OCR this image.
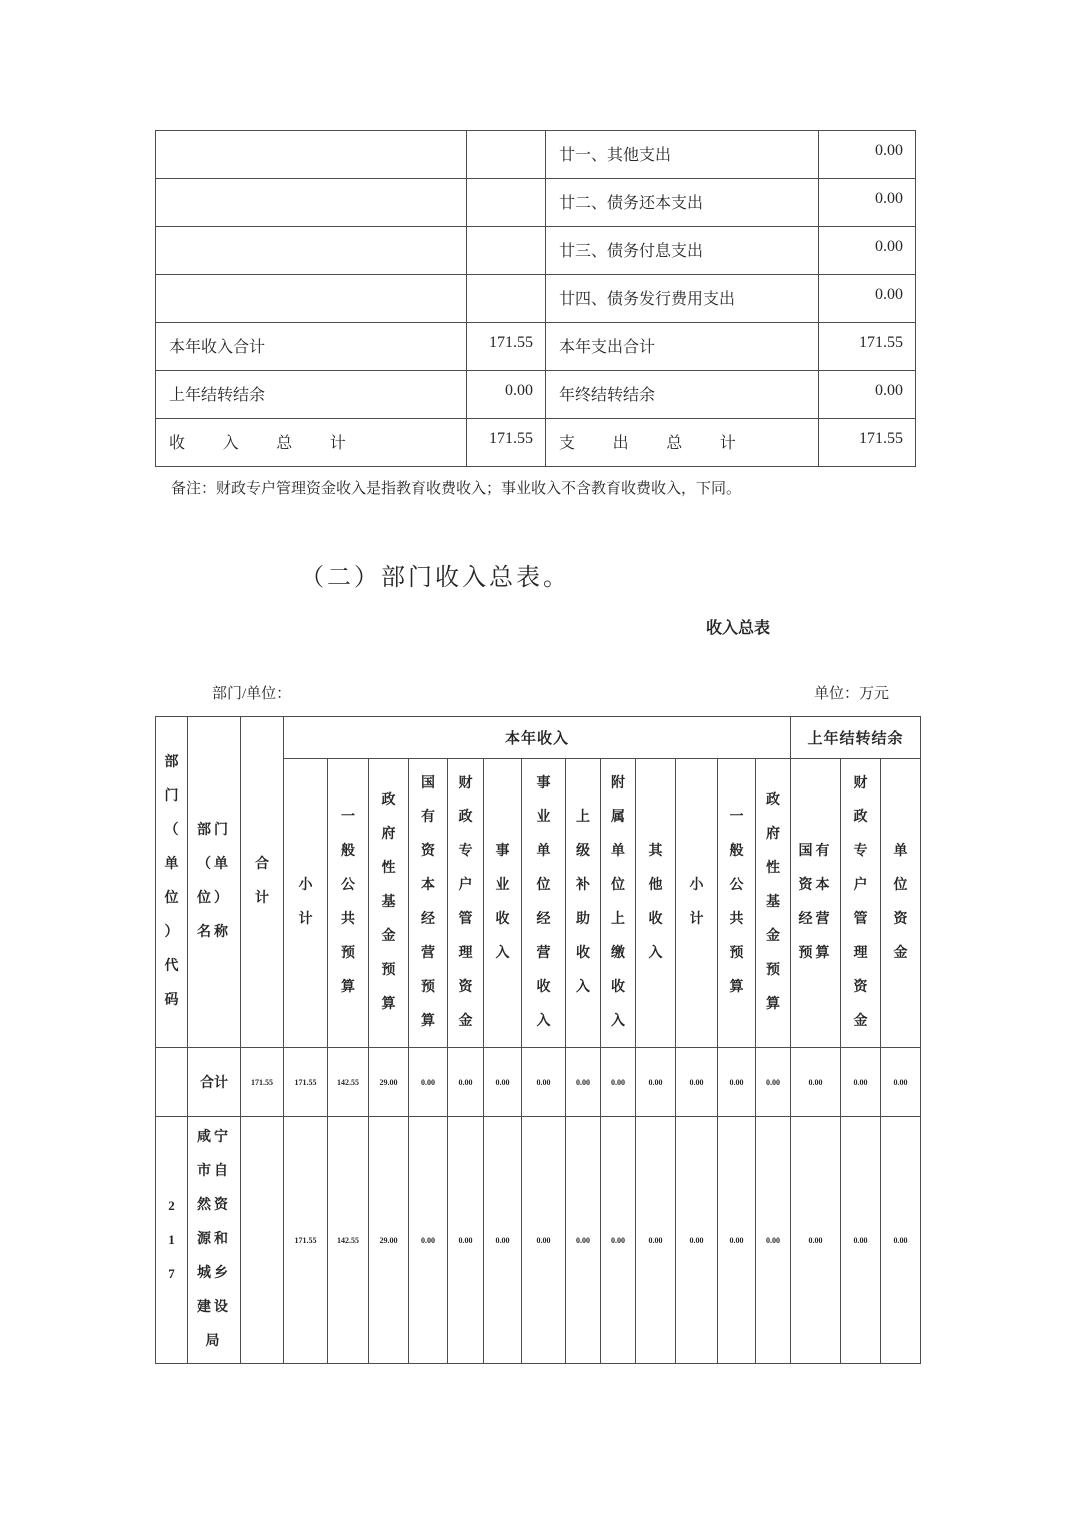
		廿一、其他支出	0.00
		廿二、债务还本支出	0.00
		廿三、债务付息支出	0.00
		廿四、债务发行费用支出	0.00
本年收入合计	171.55	本年支出合计	171.55
上年结转结余	0.00	年终结转结余	0.00
收入总计	171.55	支出总计	171.55
备注：财政专户管理资金收入是指教育收费收入；事业收入不含教育收费收入，下同。
（二）部门收入总表。
收入总表
部门/单位：	单位：万元
部门（单位）代码	部门（单位）名称	合计	本年收入													上年结转结余		

			小计	一般公共预算	政府性基金预算	国有资本经营预算	财政专户管理资金	事业收入	事业单位经营收入	上级补助收入	附属单位上缴收入	其他收入	小计	一般公共预算	政府性基金预算	国有资本经营预算	财政专户管理资金	单位资金

	合计	171.55	171.55	142.55	29.00	0.00	0.00	0.00	0.00	0.00	0.00	0.00	0.00	0.00	0.00	0.00	0.00	0.00

217	咸宁市自然资源和城乡建设局		171.55	142.55	29.00	0.00	0.00	0.00	0.00	0.00	0.00	0.00	0.00	0.00	0.00	0.00	0.00	0.00
